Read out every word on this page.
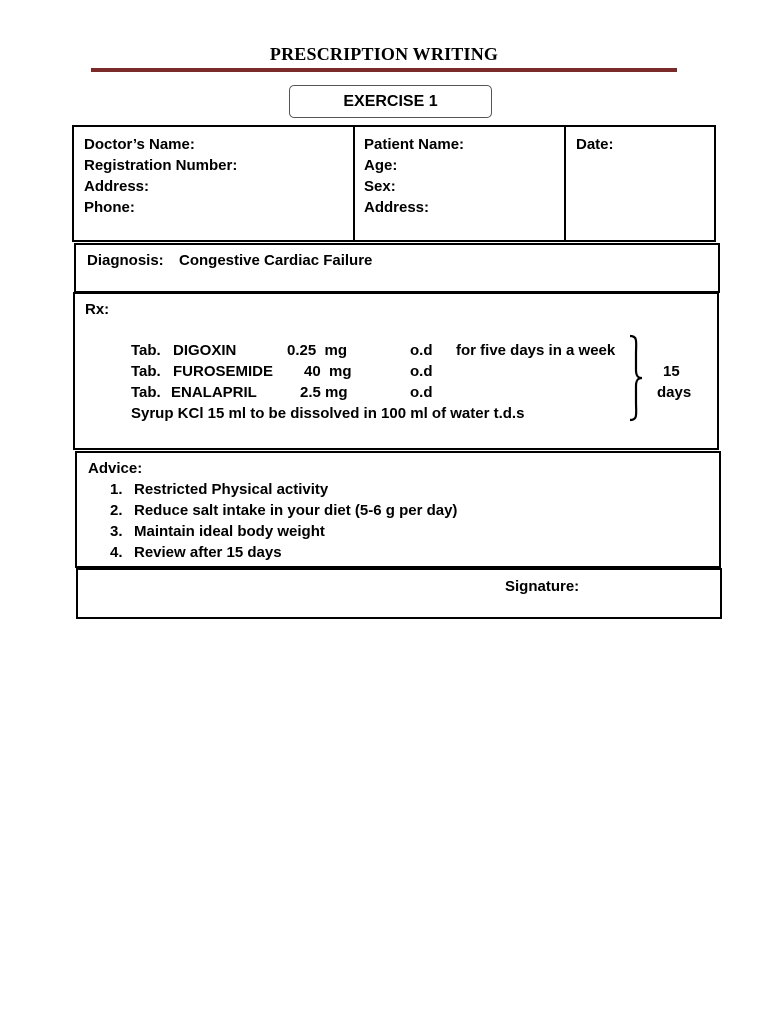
PRESCRIPTION WRITING
EXERCISE 1
Doctor’s Name:
Registration Number:
Address:
Phone:
Patient Name:
Age:
Sex:
Address:
Date:
Diagnosis: Congestive Cardiac Failure
Rx:
Tab. DIGOXIN	0.25  mg	o.d for five days in a week
Tab. FUROSEMIDE 40  mg	o.d
Tab. ENALAPRIL	2.5 mg	o.d
Syrup KCl 15 ml to be dissolved in 100 ml of water t.d.s
15
days
Advice:
1. Restricted Physical activity
2. Reduce salt intake in your diet (5-6 g per day)
3. Maintain ideal body weight
4. Review after 15 days
Signature:
